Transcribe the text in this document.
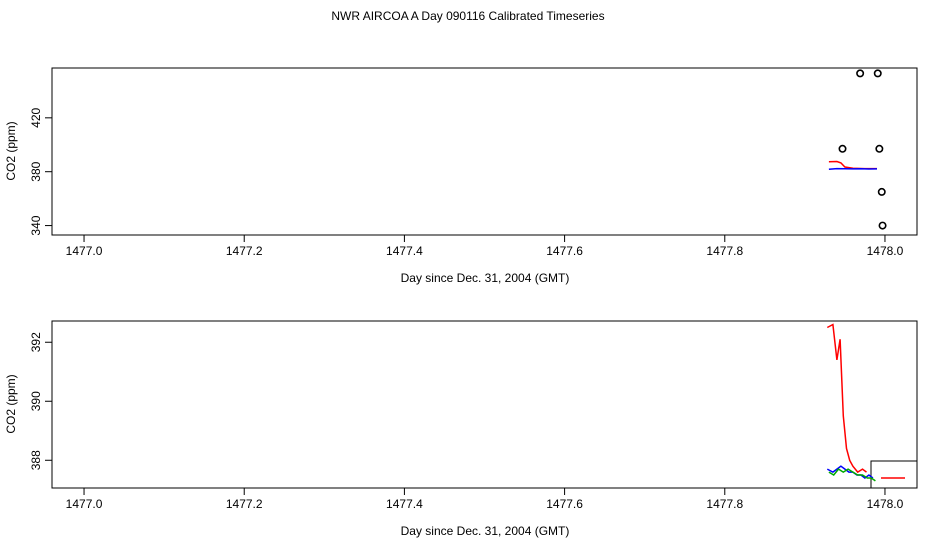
NWR AIRCOA A Day 090116 Calibrated Timeseries
1477.0	1477.2	1477.4	1477.6	1477.8	1478.0
340
380
420
Day since Dec. 31, 2004 (GMT)
CO2 (ppm)
1477.0	1477.2	1477.4	1477.6	1477.8	1478.0
388
390
392
Day since Dec. 31, 2004 (GMT)
CO2 (ppm)
